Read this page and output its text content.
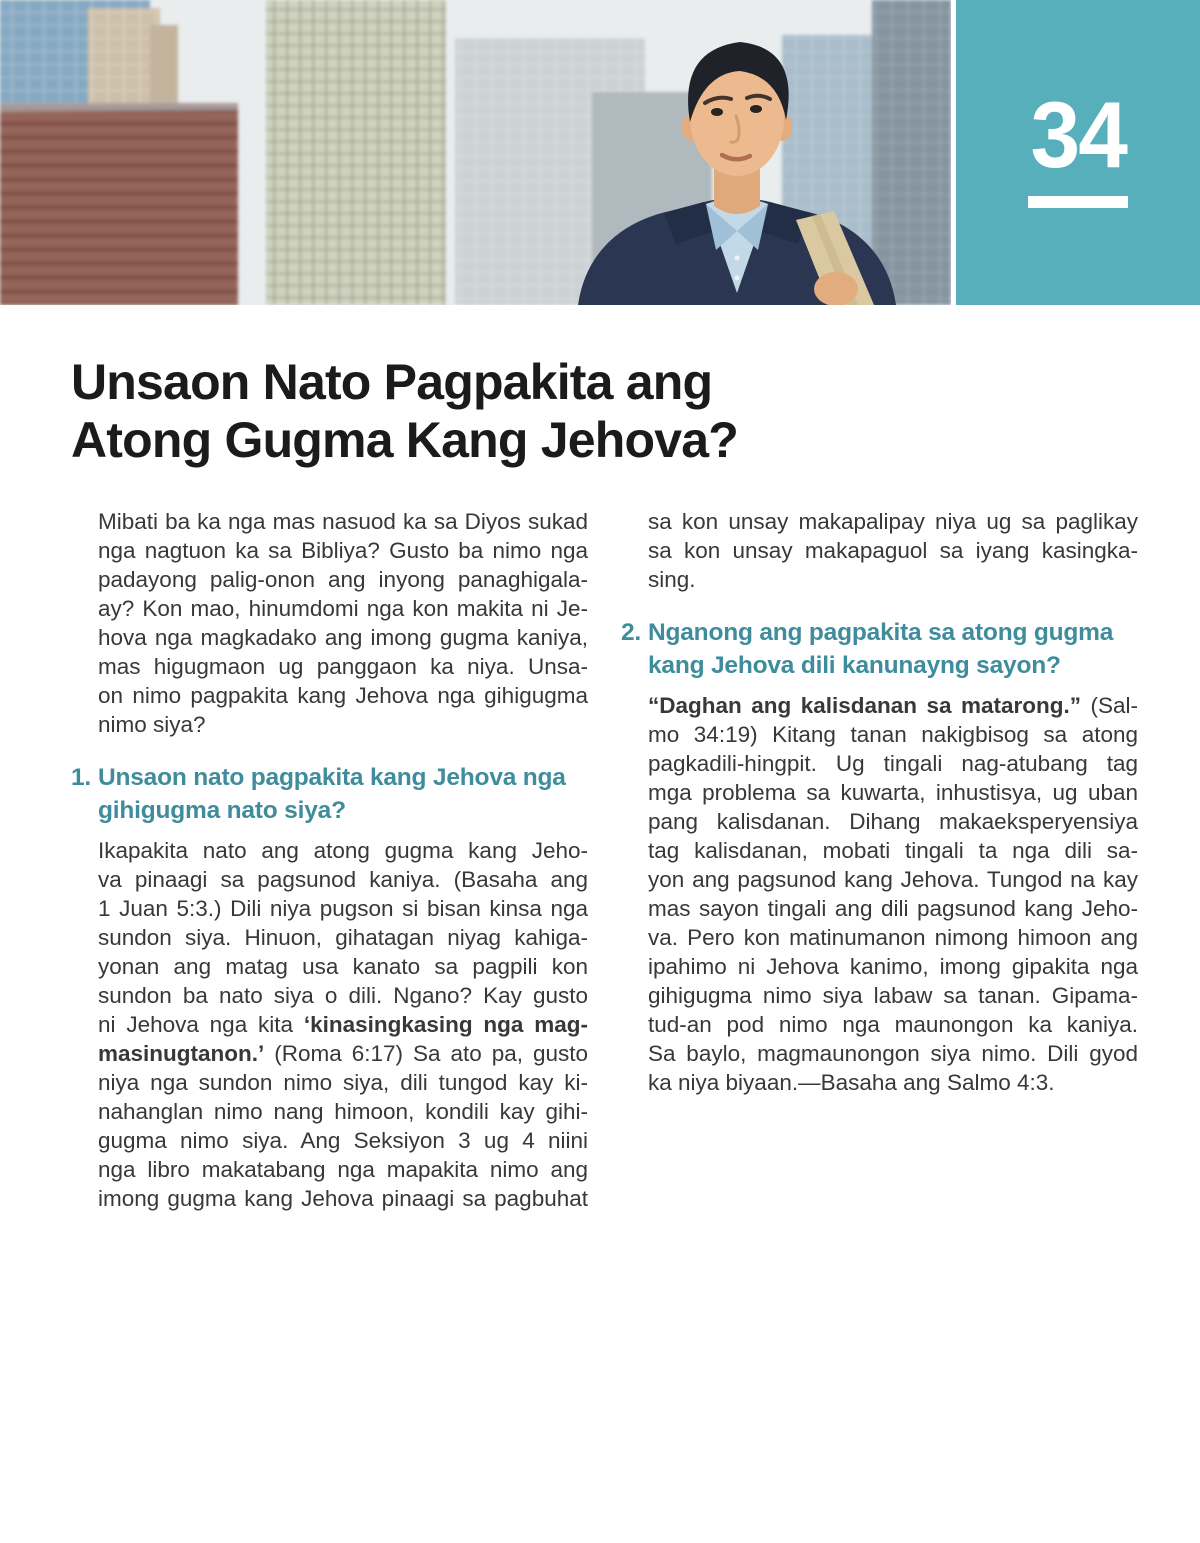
34
Unsaon Nato Pagpakita ang
Atong Gugma Kang Jehova?
Mibati ba ka nga mas nasuod ka sa Diyos sukad
nga nagtuon ka sa Bibliya? Gusto ba nimo nga
padayong palig-onon ang inyong panaghigala-
ay? Kon mao, hinumdomi nga kon makita ni Je-
hova nga magkadako ang imong gugma kaniya,
mas higugmaon ug panggaon ka niya. Unsa-
on nimo pagpakita kang Jehova nga gihigugma
nimo siya?
1. Unsaon nato pagpakita kang Jehova nga
gihigugma nato siya?
Ikapakita nato ang atong gugma kang Jeho-
va pinaagi sa pagsunod kaniya. (Basaha ang
1 Juan 5:3.) Dili niya pugson si bisan kinsa nga
sundon siya. Hinuon, gihatagan niyag kahiga-
yonan ang matag usa kanato sa pagpili kon
sundon ba nato siya o dili. Ngano? Kay gusto
ni Jehova nga kita ‘kinasingkasing nga mag-
masinugtanon.’ (Roma 6:17) Sa ato pa, gusto
niya nga sundon nimo siya, dili tungod kay ki-
nahanglan nimo nang himoon, kondili kay gihi-
gugma nimo siya. Ang Seksiyon 3 ug 4 niini
nga libro makatabang nga mapakita nimo ang
imong gugma kang Jehova pinaagi sa pagbuhat
sa kon unsay makapalipay niya ug sa paglikay
sa kon unsay makapaguol sa iyang kasingka-
sing.
2. Nganong ang pagpakita sa atong gugma
kang Jehova dili kanunayng sayon?
“Daghan ang kalisdanan sa matarong.” (Sal-
mo 34:19) Kitang tanan nakigbisog sa atong
pagkadili-hingpit. Ug tingali nag-atubang tag
mga problema sa kuwarta, inhustisya, ug uban
pang kalisdanan. Dihang makaeksperyensiya
tag kalisdanan, mobati tingali ta nga dili sa-
yon ang pagsunod kang Jehova. Tungod na kay
mas sayon tingali ang dili pagsunod kang Jeho-
va. Pero kon matinumanon nimong himoon ang
ipahimo ni Jehova kanimo, imong gipakita nga
gihigugma nimo siya labaw sa tanan. Gipama-
tud-an pod nimo nga maunongon ka kaniya.
Sa baylo, magmaunongon siya nimo. Dili gyod
ka niya biyaan.—Basaha ang Salmo 4:3.
